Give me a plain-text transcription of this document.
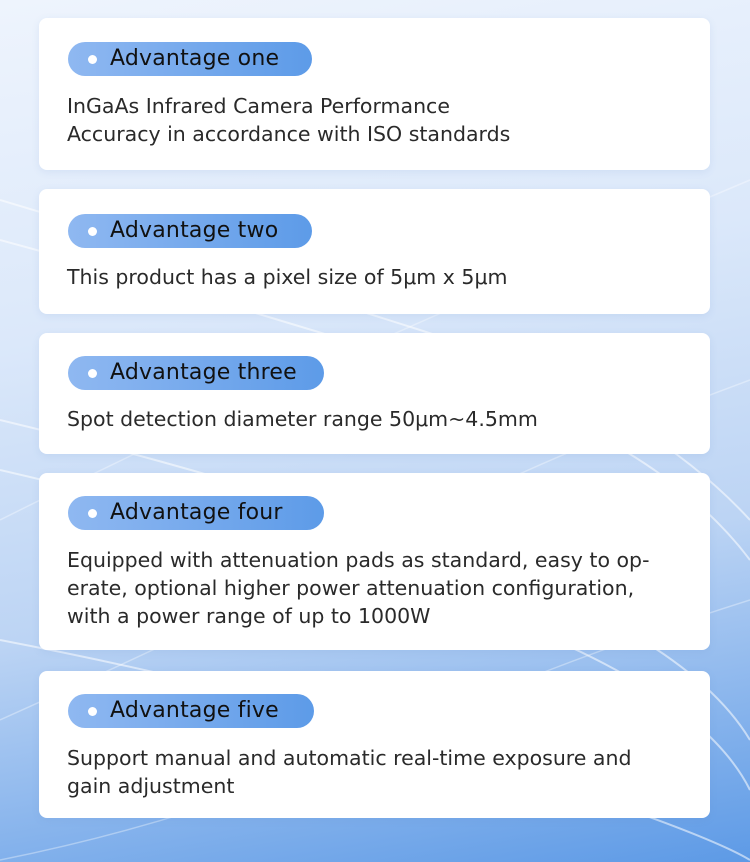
Advantage one
InGaAs Infrared Camera Performance
Accuracy in accordance with ISO standards
Advantage two
This product has a pixel size of 5μm x 5μm
Advantage three
Spot detection diameter range 50μm~4.5mm
Advantage four
Equipped with attenuation pads as standard, easy to op-
erate, optional higher power attenuation configuration,
with a power range of up to 1000W
Advantage five
Support manual and automatic real-time exposure and
gain adjustment
